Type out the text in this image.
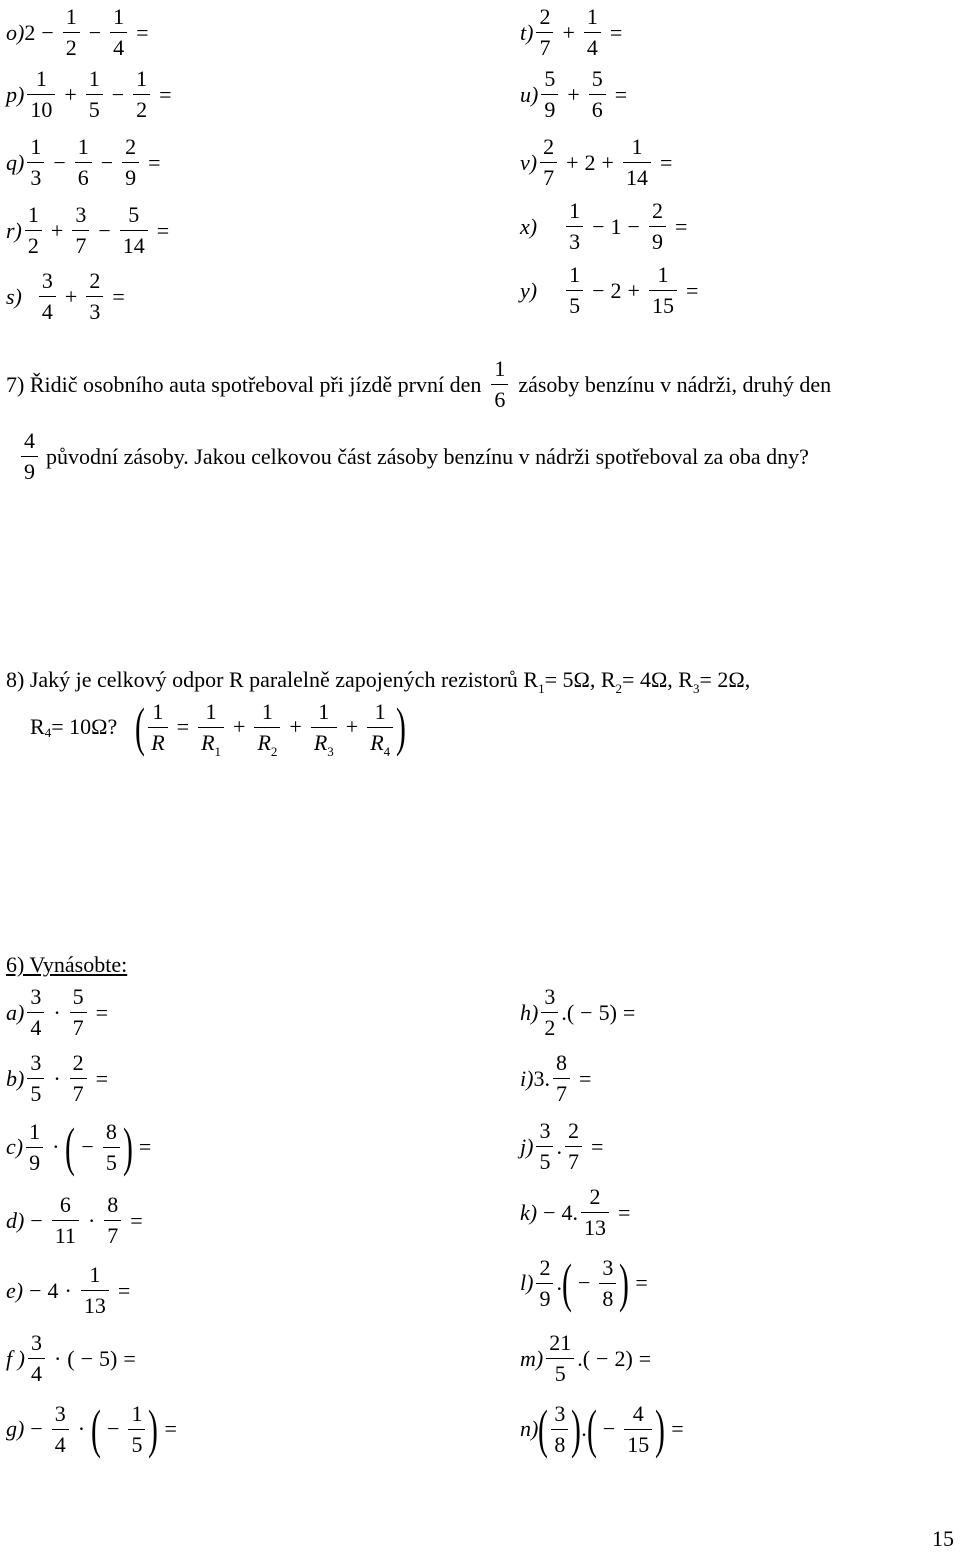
o) $2 - \frac{1}{2} - \frac{1}{4}$ =
$p) \frac{1}{10} + \frac{1}{5} - \frac{1}{2}$ =
$q) \frac{1}{3} - \frac{1}{6} - \frac{2}{9}$ =
$r) \frac{1}{2} + \frac{3}{7} - \frac{5}{14}$ =
$s) \frac{3}{4} + \frac{2}{3}$ =
$t) \frac{2}{7} + \frac{1}{4}$ =
$u) \frac{5}{9} + \frac{5}{6}$ =
$v) \frac{2}{7} + 2 + \frac{1}{14}$ =
$x) \frac{1}{3} - 1 - \frac{2}{9}$ =
$y) \frac{1}{5} - 2 + \frac{1}{15}$ =
7) Řidič osobního auta spotřeboval při jízdě první den $\frac{1}{6}$ zásoby benzínu v nádrži, druhý den
$\frac{4}{9}$ původní zásoby. Jakou celkovou část zásoby benzínu v nádrži spotřeboval za oba dny?
8) Jaký je celkový odpor R paralelně zapojených rezistorů $R_1= 5\Omega$, $R_2= 4\Omega$, $R_3= 2\Omega$,
R 4 = 10Ω? ( $\frac{1}{R} = \frac{1}{R_1} + \frac{1}{R_2} + \frac{1}{R_3} + \frac{1}{R_4}$ )
6) Vynásobte:
$a) \frac{3}{4} \cdot \frac{5}{7}$ =
$b) \frac{3}{5} \cdot \frac{2}{7}$ =
$c) \frac{1}{9}$ · ( − $\frac{8}{5}$ ) =
$d) - \frac{6}{11} \cdot \frac{8}{7}$ =
$e) - 4 \cdot \frac{1}{13}$ =
f ) $\frac{3}{4}$ · ( − 5 ) =
$g) - \frac{3}{4}$ · ( − $\frac{1}{5}$ ) =
$h) \frac{3}{2}$ . ( − 5 ) =
i) 3 . $\frac{8}{7}$ =
$j) \frac{3}{5}$ . $\frac{2}{7}$ =
k) − 4 . $\frac{2}{13}$ =
$l) \frac{2}{9}$ . ( − $\frac{3}{8}$ ) =
$m) \frac{21}{5}$ . ( − 2 ) =
n) ( $\frac{3}{8}$ ) . ( − $\frac{4}{15}$ ) =
15
